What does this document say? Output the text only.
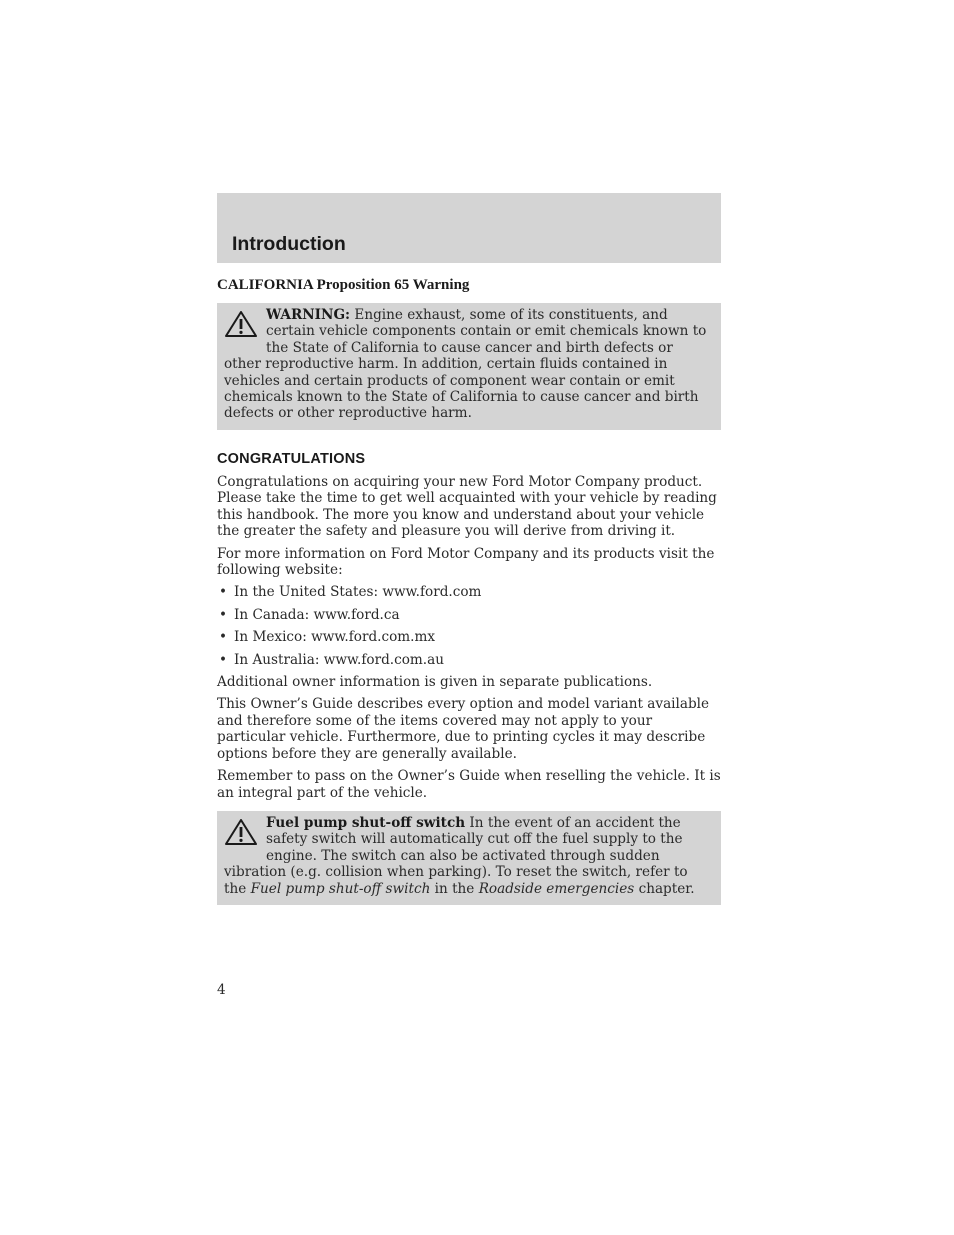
Introduction
CALIFORNIA Proposition 65 Warning
WARNING: Engine exhaust, some of its constituents, and certain vehicle components contain or emit chemicals known to the State of California to cause cancer and birth defects or other reproductive harm. In addition, certain fluids contained in vehicles and certain products of component wear contain or emit chemicals known to the State of California to cause cancer and birth defects or other reproductive harm.
CONGRATULATIONS

Congratulations on acquiring your new Ford Motor Company product. Please take the time to get well acquainted with your vehicle by reading this handbook. The more you know and understand about your vehicle the greater the safety and pleasure you will derive from driving it.

For more information on Ford Motor Company and its products visit the following website:

• In the United States: www.ford.com
• In Canada: www.ford.ca
• In Mexico: www.ford.com.mx
• In Australia: www.ford.com.au

Additional owner information is given in separate publications.

This Owner’s Guide describes every option and model variant available and therefore some of the items covered may not apply to your particular vehicle. Furthermore, due to printing cycles it may describe options before they are generally available.

Remember to pass on the Owner’s Guide when reselling the vehicle. It is an integral part of the vehicle.

Fuel pump shut-off switch In the event of an accident the safety switch will automatically cut off the fuel supply to the engine. The switch can also be activated through sudden vibration (e.g. collision when parking). To reset the switch, refer to the Fuel pump shut-off switch in the Roadside emergencies chapter.

4
